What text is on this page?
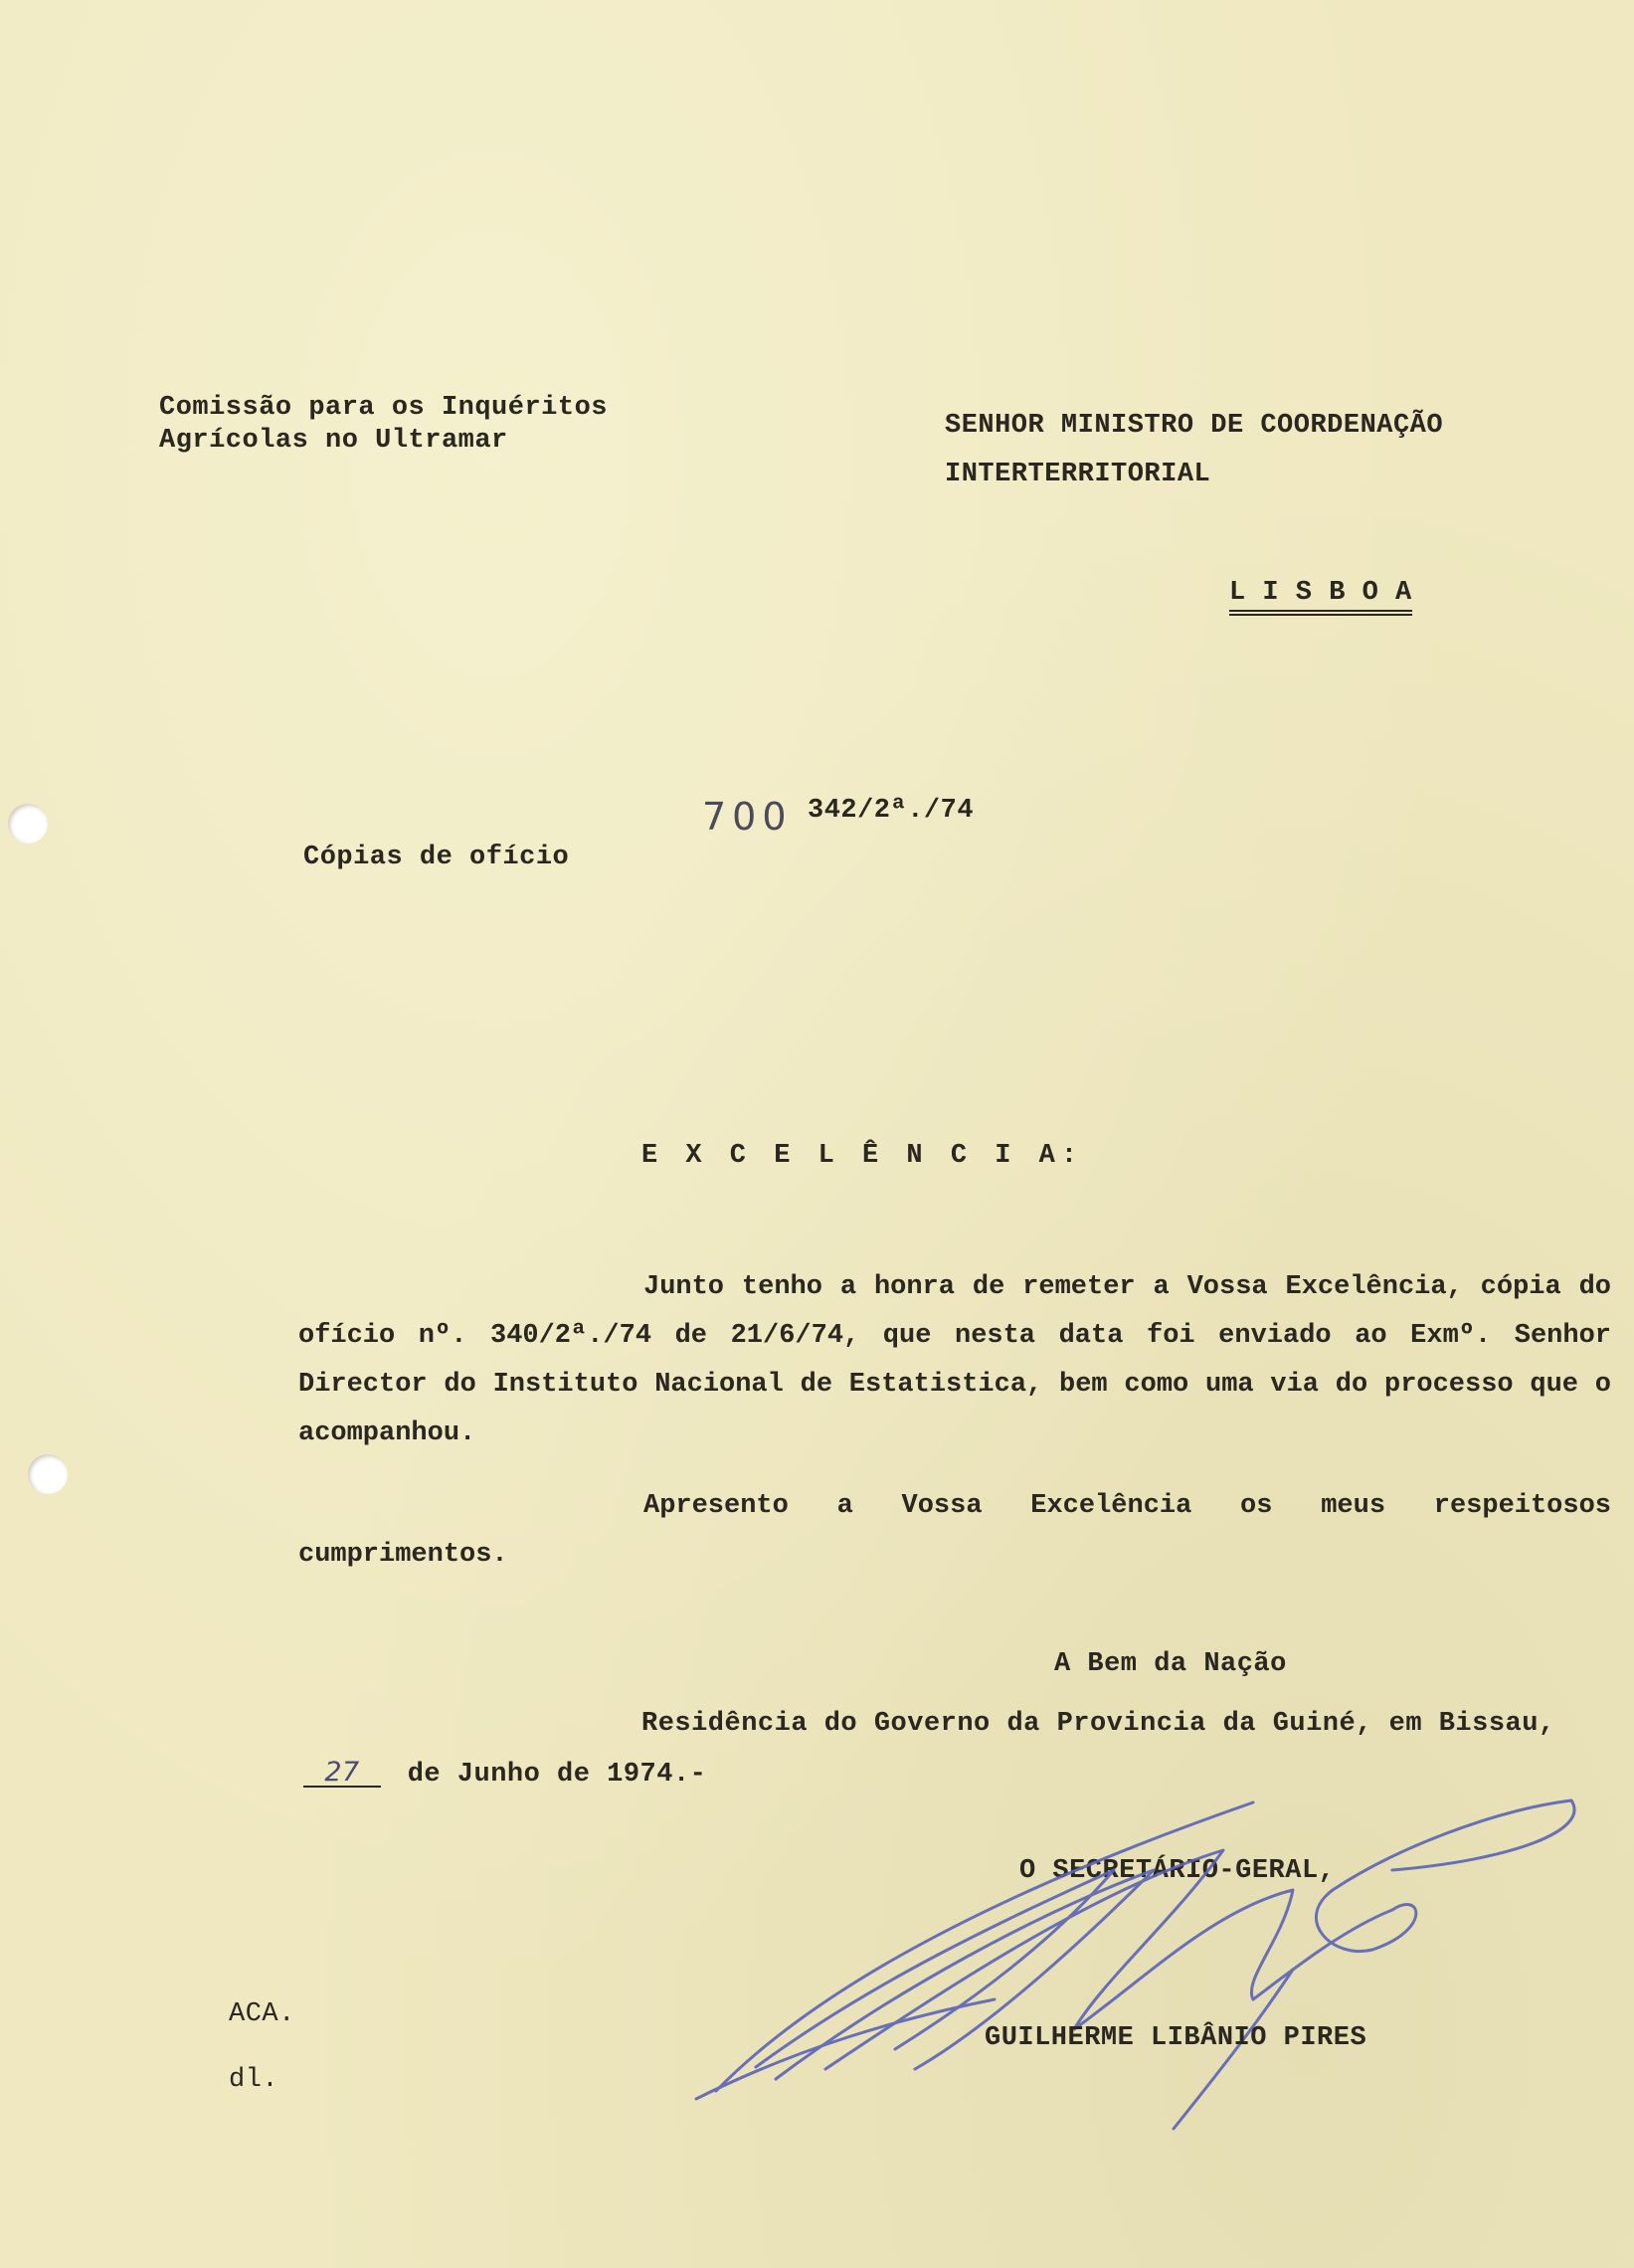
Comissão para os Inquéritos
Agrícolas no Ultramar	SENHOR MINISTRO DE COORDENAÇÃO
INTERTERRITORIAL
L I S B O A
700 342/2ª./74
Cópias de ofício
E X C E L Ê N C I A:
Junto tenho a honra de remeter a Vossa Excelência, cópia do ofício nº. 340/2ª./74 de 21/6/74, que nesta data foi enviado ao Exmº. Senhor Director do Instituto Nacional de Estatistica, bem como uma via do processo que o acompanhou.
Apresento a Vossa Excelência os meus respeitosos cumprimentos.
A Bem da Nação
Residência do Governo da Provincia da Guiné, em Bissau,
27 de Junho de 1974.-
O SECRETÁRIO-GERAL,
GUILHERME LIBÂNIO PIRES
ACA.
dl.
